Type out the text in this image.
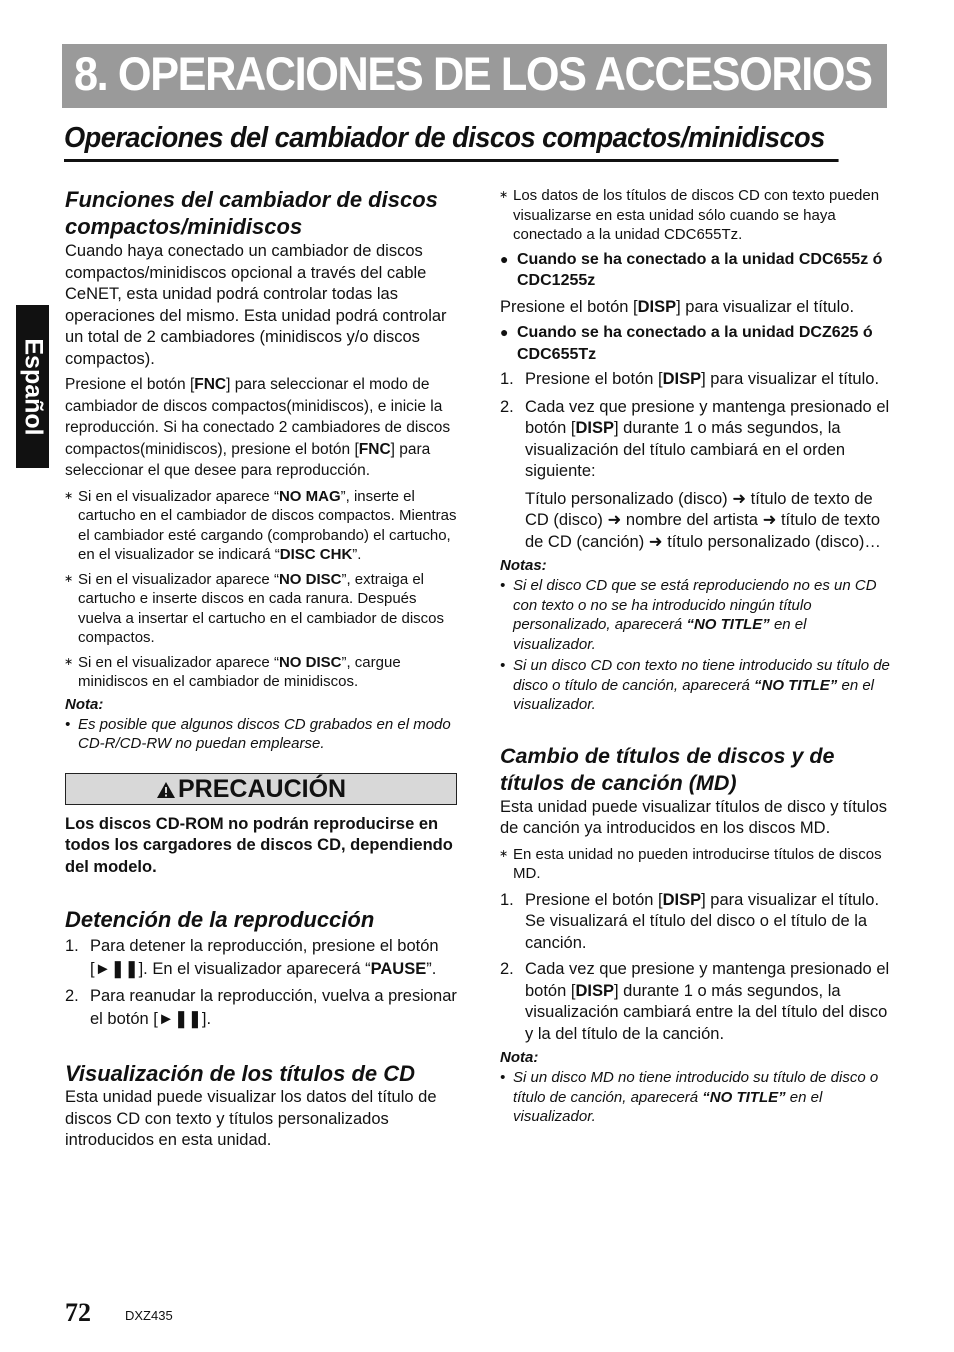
8. OPERACIONES DE LOS ACCESORIOS
Operaciones del cambiador de discos compactos/minidiscos
Español
Funciones del cambiador de discos compactos/minidiscos

Cuando haya conectado un cambiador de discos compactos/minidiscos opcional a través del cable CeNET, esta unidad podrá controlar todas las operaciones del mismo. Esta unidad podrá controlar un total de 2 cambiadores (minidiscos y/o discos compactos).

Presione el botón [FNC] para seleccionar el modo de cambiador de discos compactos(minidiscos), e inicie la reproducción. Si ha conectado 2 cambiadores de discos compactos(minidiscos), presione el botón [FNC] para seleccionar el que desee para reproducción.

∗ Si en el visualizador aparece “NO MAG”, inserte el cartucho en el cambiador de discos compactos. Mientras el cambiador esté cargando (comprobando) el cartucho, en el visualizador se indicará “DISC CHK”.

∗ Si en el visualizador aparece “NO DISC”, extraiga el cartucho e inserte discos en cada ranura. Después vuelva a insertar el cartucho en el cambiador de discos compactos.

∗ Si en el visualizador aparece “NO DISC”, cargue minidiscos en el cambiador de minidiscos.

Nota:

• Es posible que algunos discos CD grabados en el modo CD-R/CD-RW no puedan emplearse.

PRECAUCIÓN

Los discos CD-ROM no podrán reproducirse en todos los cargadores de discos CD, dependiendo del modelo.

Detención de la reproducción

1. Para detener la reproducción, presione el botón [►❚❚]. En el visualizador aparecerá “PAUSE”.

2. Para reanudar la reproducción, vuelva a presionar el botón [►❚❚].

Visualización de los títulos de CD

Esta unidad puede visualizar los datos del título de discos CD con texto y títulos personalizados introducidos en esta unidad.

∗ Los datos de los títulos de discos CD con texto pueden visualizarse en esta unidad sólo cuando se haya conectado a la unidad CDC655Tz.

● Cuando se ha conectado a la unidad CDC655z ó CDC1255z

Presione el botón [DISP] para visualizar el título.

● Cuando se ha conectado a la unidad DCZ625 ó CDC655Tz

1. Presione el botón [DISP] para visualizar el título.

2. Cada vez que presione y mantenga presionado el botón [DISP] durante 1 o más segundos, la visualización del título cambiará en el orden siguiente:

Título personalizado (disco) ➜ título de texto de CD (disco) ➜ nombre del artista ➜ título de texto de CD (canción) ➜ título personalizado (disco)…

Notas:

• Si el disco CD que se está reproduciendo no es un CD con texto o no se ha introducido ningún título personalizado, aparecerá “NO TITLE” en el visualizador.

• Si un disco CD con texto no tiene introducido su título de disco o título de canción, aparecerá “NO TITLE” en el visualizador.

Cambio de títulos de discos y de títulos de canción (MD)

Esta unidad puede visualizar títulos de disco y títulos de canción ya introducidos en los discos MD.

∗ En esta unidad no pueden introducirse títulos de discos MD.

1. Presione el botón [DISP] para visualizar el título. Se visualizará el título del disco o el título de la canción.

2. Cada vez que presione y mantenga presionado el botón [DISP] durante 1 o más segundos, la visualización cambiará entre la del título del disco y la del título de la canción.

Nota:

• Si un disco MD no tiene introducido su título de disco o título de canción, aparecerá “NO TITLE” en el visualizador.

72	DXZ435
